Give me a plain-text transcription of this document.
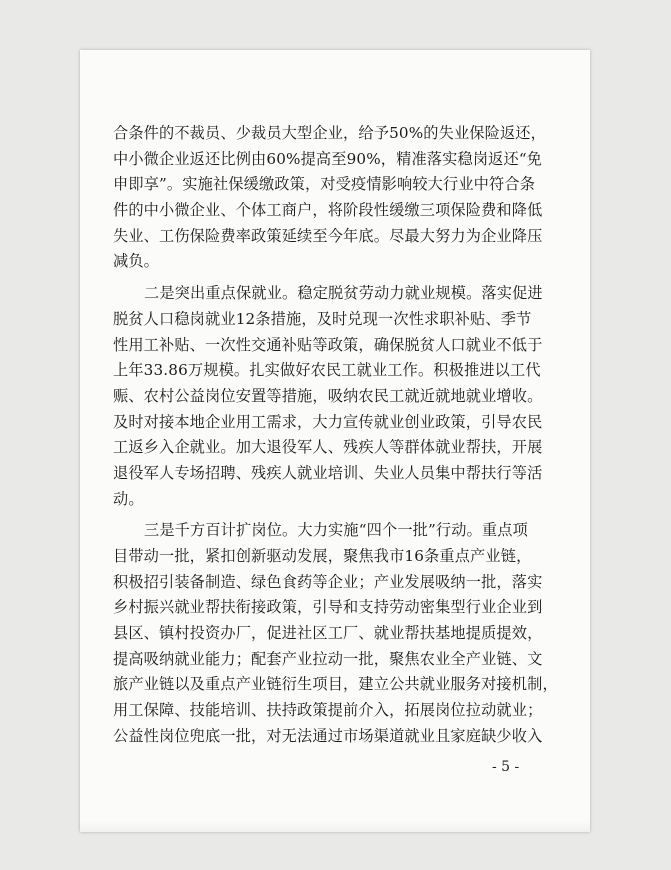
合条件的不裁员、少裁员大型企业，给予50%的失业保险返还，
中小微企业返还比例由60%提高至90%，精准落实稳岗返还“免
申即享”。实施社保缓缴政策，对受疫情影响较大行业中符合条
件的中小微企业、个体工商户，将阶段性缓缴三项保险费和降低
失业、工伤保险费率政策延续至今年底。尽最大努力为企业降压
减负。
二是突出重点保就业。稳定脱贫劳动力就业规模。落实促进
脱贫人口稳岗就业12条措施，及时兑现一次性求职补贴、季节
性用工补贴、一次性交通补贴等政策，确保脱贫人口就业不低于
上年33.86万规模。扎实做好农民工就业工作。积极推进以工代
赈、农村公益岗位安置等措施，吸纳农民工就近就地就业增收。
及时对接本地企业用工需求，大力宣传就业创业政策，引导农民
工返乡入企就业。加大退役军人、残疾人等群体就业帮扶，开展
退役军人专场招聘、残疾人就业培训、失业人员集中帮扶行等活
动。
三是千方百计扩岗位。大力实施“四个一批”行动。重点项
目带动一批，紧扣创新驱动发展，聚焦我市16条重点产业链，
积极招引装备制造、绿色食药等企业；产业发展吸纳一批，落实
乡村振兴就业帮扶衔接政策，引导和支持劳动密集型行业企业到
县区、镇村投资办厂，促进社区工厂、就业帮扶基地提质提效，
提高吸纳就业能力；配套产业拉动一批，聚焦农业全产业链、文
旅产业链以及重点产业链衍生项目，建立公共就业服务对接机制，
用工保障、技能培训、扶持政策提前介入，拓展岗位拉动就业；
公益性岗位兜底一批，对无法通过市场渠道就业且家庭缺少收入
- 5 -
